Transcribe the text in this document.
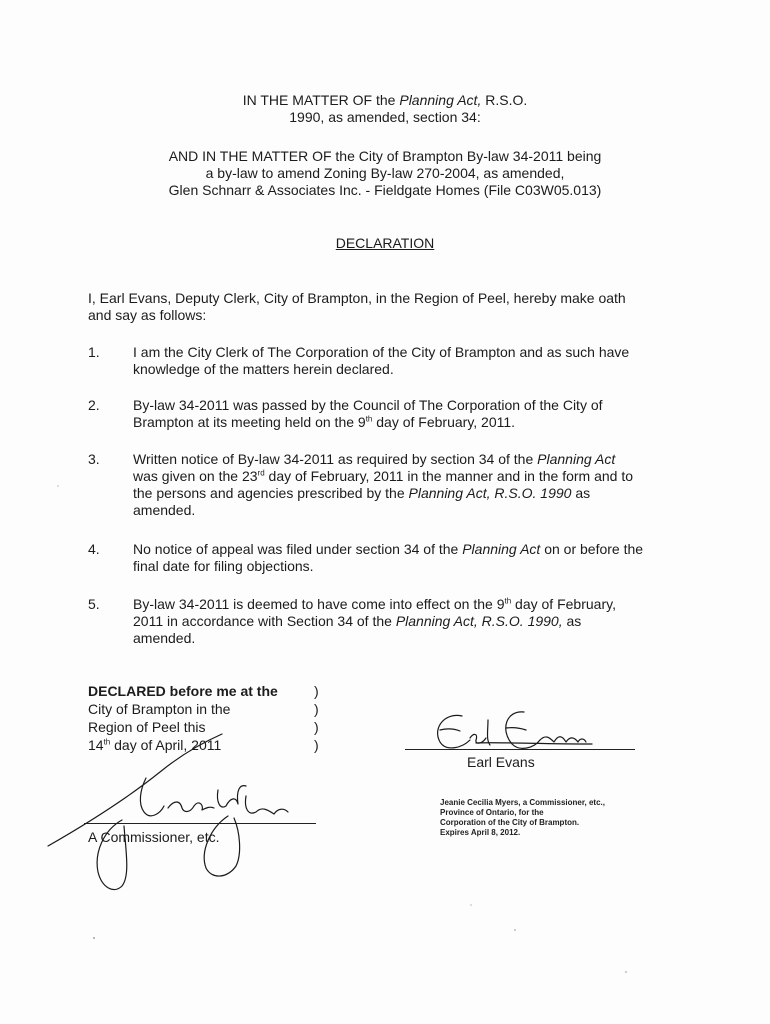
IN THE MATTER OF the Planning Act, R.S.O.
1990, as amended, section 34:
AND IN THE MATTER OF the City of Brampton By-law 34-2011 being
a by-law to amend Zoning By-law 270-2004, as amended,
Glen Schnarr & Associates Inc. - Fieldgate Homes (File C03W05.013)
DECLARATION
I, Earl Evans, Deputy Clerk, City of Brampton, in the Region of Peel, hereby make oath
and say as follows:
1. I am the City Clerk of The Corporation of the City of Brampton and as such have
knowledge of the matters herein declared.
2. By-law 34-2011 was passed by the Council of The Corporation of the City of
Brampton at its meeting held on the 9th day of February, 2011.
3. Written notice of By-law 34-2011 as required by section 34 of the Planning Act
was given on the 23rd day of February, 2011 in the manner and in the form and to
the persons and agencies prescribed by the Planning Act, R.S.O. 1990 as
amended.
4. No notice of appeal was filed under section 34 of the Planning Act on or before the
final date for filing objections.
5. By-law 34-2011 is deemed to have come into effect on the 9th day of February,
2011 in accordance with Section 34 of the Planning Act, R.S.O. 1990, as
amended.
DECLARED before me at the
City of Brampton in the
Region of Peel this
14th day of April, 2011
)
)
)
)
A Commissioner, etc.
Earl Evans
Jeanie Cecilia Myers, a Commissioner, etc.,
Province of Ontario, for the
Corporation of the City of Brampton.
Expires April 8, 2012.
